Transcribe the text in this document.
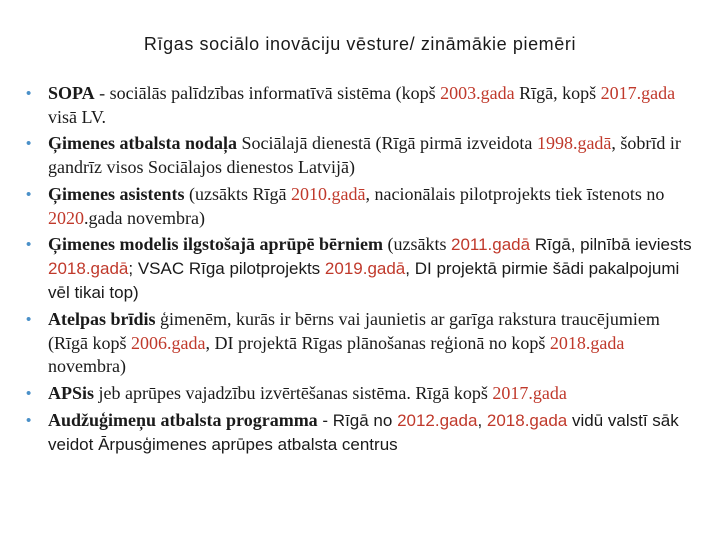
Rīgas sociālo inovāciju vēsture/ zināmākie piemēri
• SOPA - sociālās palīdzības informatīvā sistēma (kopš 2003.gada Rīgā, kopš 2017.gada visā LV.
• Ģimenes atbalsta nodaļa Sociālajā dienestā (Rīgā pirmā izveidota 1998.gadā, šobrīd ir gandrīz visos Sociālajos dienestos Latvijā)
• Ģimenes asistents (uzsākts Rīgā 2010.gadā, nacionālais pilotprojekts tiek īstenots no 2020.gada novembra)
• Ģimenes modelis ilgstošajā aprūpē bērniem (uzsākts 2011.gadā Rīgā, pilnībā ieviests 2018.gadā; VSAC Rīga pilotprojekts 2019.gadā, DI projektā pirmie šādi pakalpojumi vēl tikai top)
• Atelpas brīdis ģimenēm, kurās ir bērns vai jaunietis ar garīga rakstura traucējumiem (Rīgā kopš 2006.gada, DI projektā Rīgas plānošanas reģionā no kopš 2018.gada novembra)
• APSis jeb aprūpes vajadzību izvērtēšanas sistēma. Rīgā kopš 2017.gada
• Audžuģimeņu atbalsta programma - Rīgā no 2012.gada, 2018.gada vidū valstī sāk veidot Ārpusģimenes aprūpes atbalsta centrus
